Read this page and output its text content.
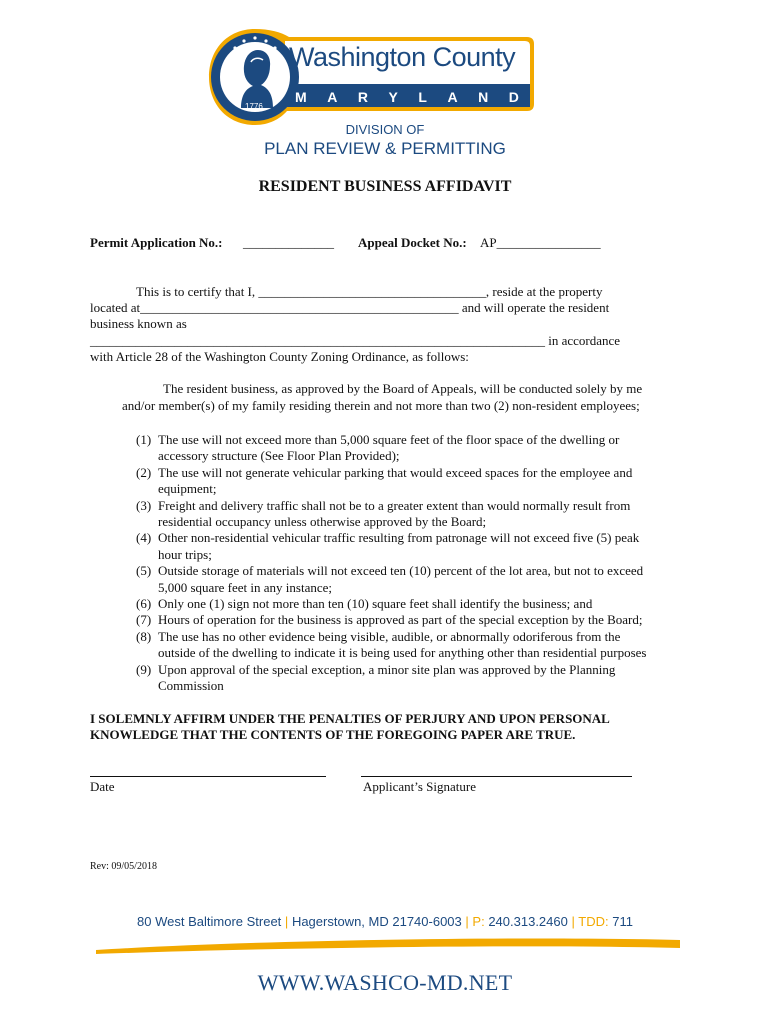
Washington County
M A R Y L A N D
1776
DIVISION OF
PLAN REVIEW & PERMITTING
RESIDENT BUSINESS AFFIDAVIT
Permit Application No.: ______________ Appeal Docket No.: AP________________
This is to certify that I, ___________________________________, reside at the property
located at_________________________________________________ and will operate the resident
business known as
______________________________________________________________________ in accordance
with Article 28 of the Washington County Zoning Ordinance, as follows:
The resident business, as approved by the Board of Appeals, will be conducted solely by me
and/or member(s) of my family residing therein and not more than two (2) non-resident employees;
(1) The use will not exceed more than 5,000 square feet of the floor space of the dwelling or
accessory structure (See Floor Plan Provided);
(2) The use will not generate vehicular parking that would exceed spaces for the employee and
equipment;
(3) Freight and delivery traffic shall not be to a greater extent than would normally result from
residential occupancy unless otherwise approved by the Board;
(4) Other non-residential vehicular traffic resulting from patronage will not exceed five (5) peak
hour trips;
(5) Outside storage of materials will not exceed ten (10) percent of the lot area, but not to exceed
5,000 square feet in any instance;
(6) Only one (1) sign not more than ten (10) square feet shall identify the business; and
(7) Hours of operation for the business is approved as part of the special exception by the Board;
(8) The use has no other evidence being visible, audible, or abnormally odoriferous from the
outside of the dwelling to indicate it is being used for anything other than residential purposes
(9) Upon approval of the special exception, a minor site plan was approved by the Planning
Commission
I SOLEMNLY AFFIRM UNDER THE PENALTIES OF PERJURY AND UPON PERSONAL
KNOWLEDGE THAT THE CONTENTS OF THE FOREGOING PAPER ARE TRUE.
Date	Applicant’s Signature
Rev: 09/05/2018
80 West Baltimore Street | Hagerstown, MD 21740-6003 | P: 240.313.2460 | TDD: 711
WWW.WASHCO-MD.NET
